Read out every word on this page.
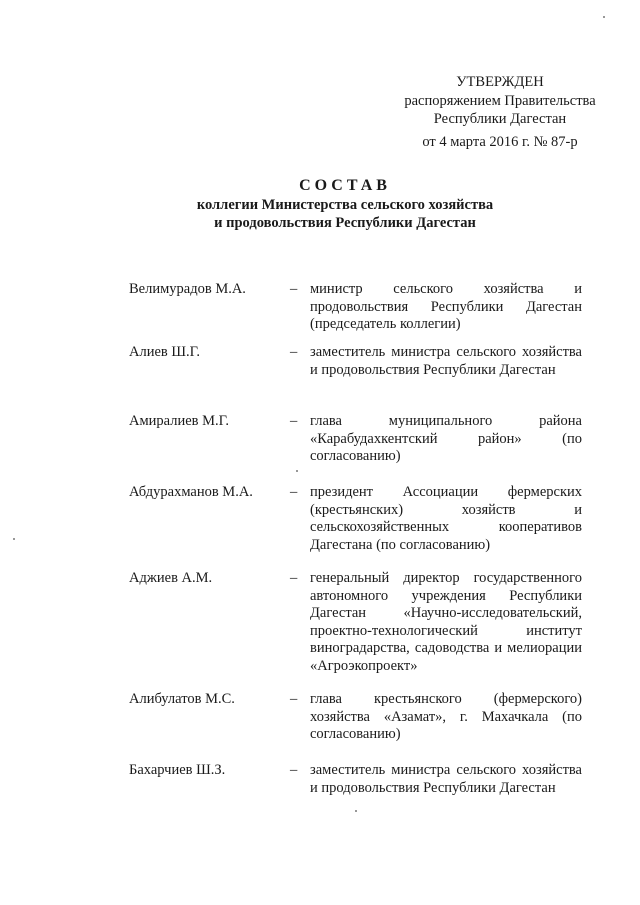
УТВЕРЖДЕН
распоряжением Правительства
Республики Дагестан
от 4 марта 2016 г. № 87-р
СОСТАВ
коллегии Министерства сельского хозяйства
и продовольствия Республики Дагестан
Велимурадов М.А.	– министр сельского хозяйства и продовольствия Республики Дагестан (председатель коллегии)
Алиев Ш.Г.	– заместитель министра сельского хозяйства и продовольствия Республики Дагестан
Амиралиев М.Г.	– глава муниципального района «Карабудахкентский район» (по согласованию)
Абдурахманов М.А.	– президент Ассоциации фермерских (крестьянских) хозяйств и сельскохозяйственных кооперативов Дагестана (по согласованию)
Аджиев А.М.	– генеральный директор государственного автономного учреждения Республики Дагестан «Научно-исследовательский, проектно-технологический институт виноградарства, садоводства и мелиорации «Агроэкопроект»
Алибулатов М.С.	– глава крестьянского (фермерского) хозяйства «Азамат», г. Махачкала (по согласованию)
Бахарчиев Ш.З.	– заместитель министра сельского хозяйства и продовольствия Республики Дагестан
